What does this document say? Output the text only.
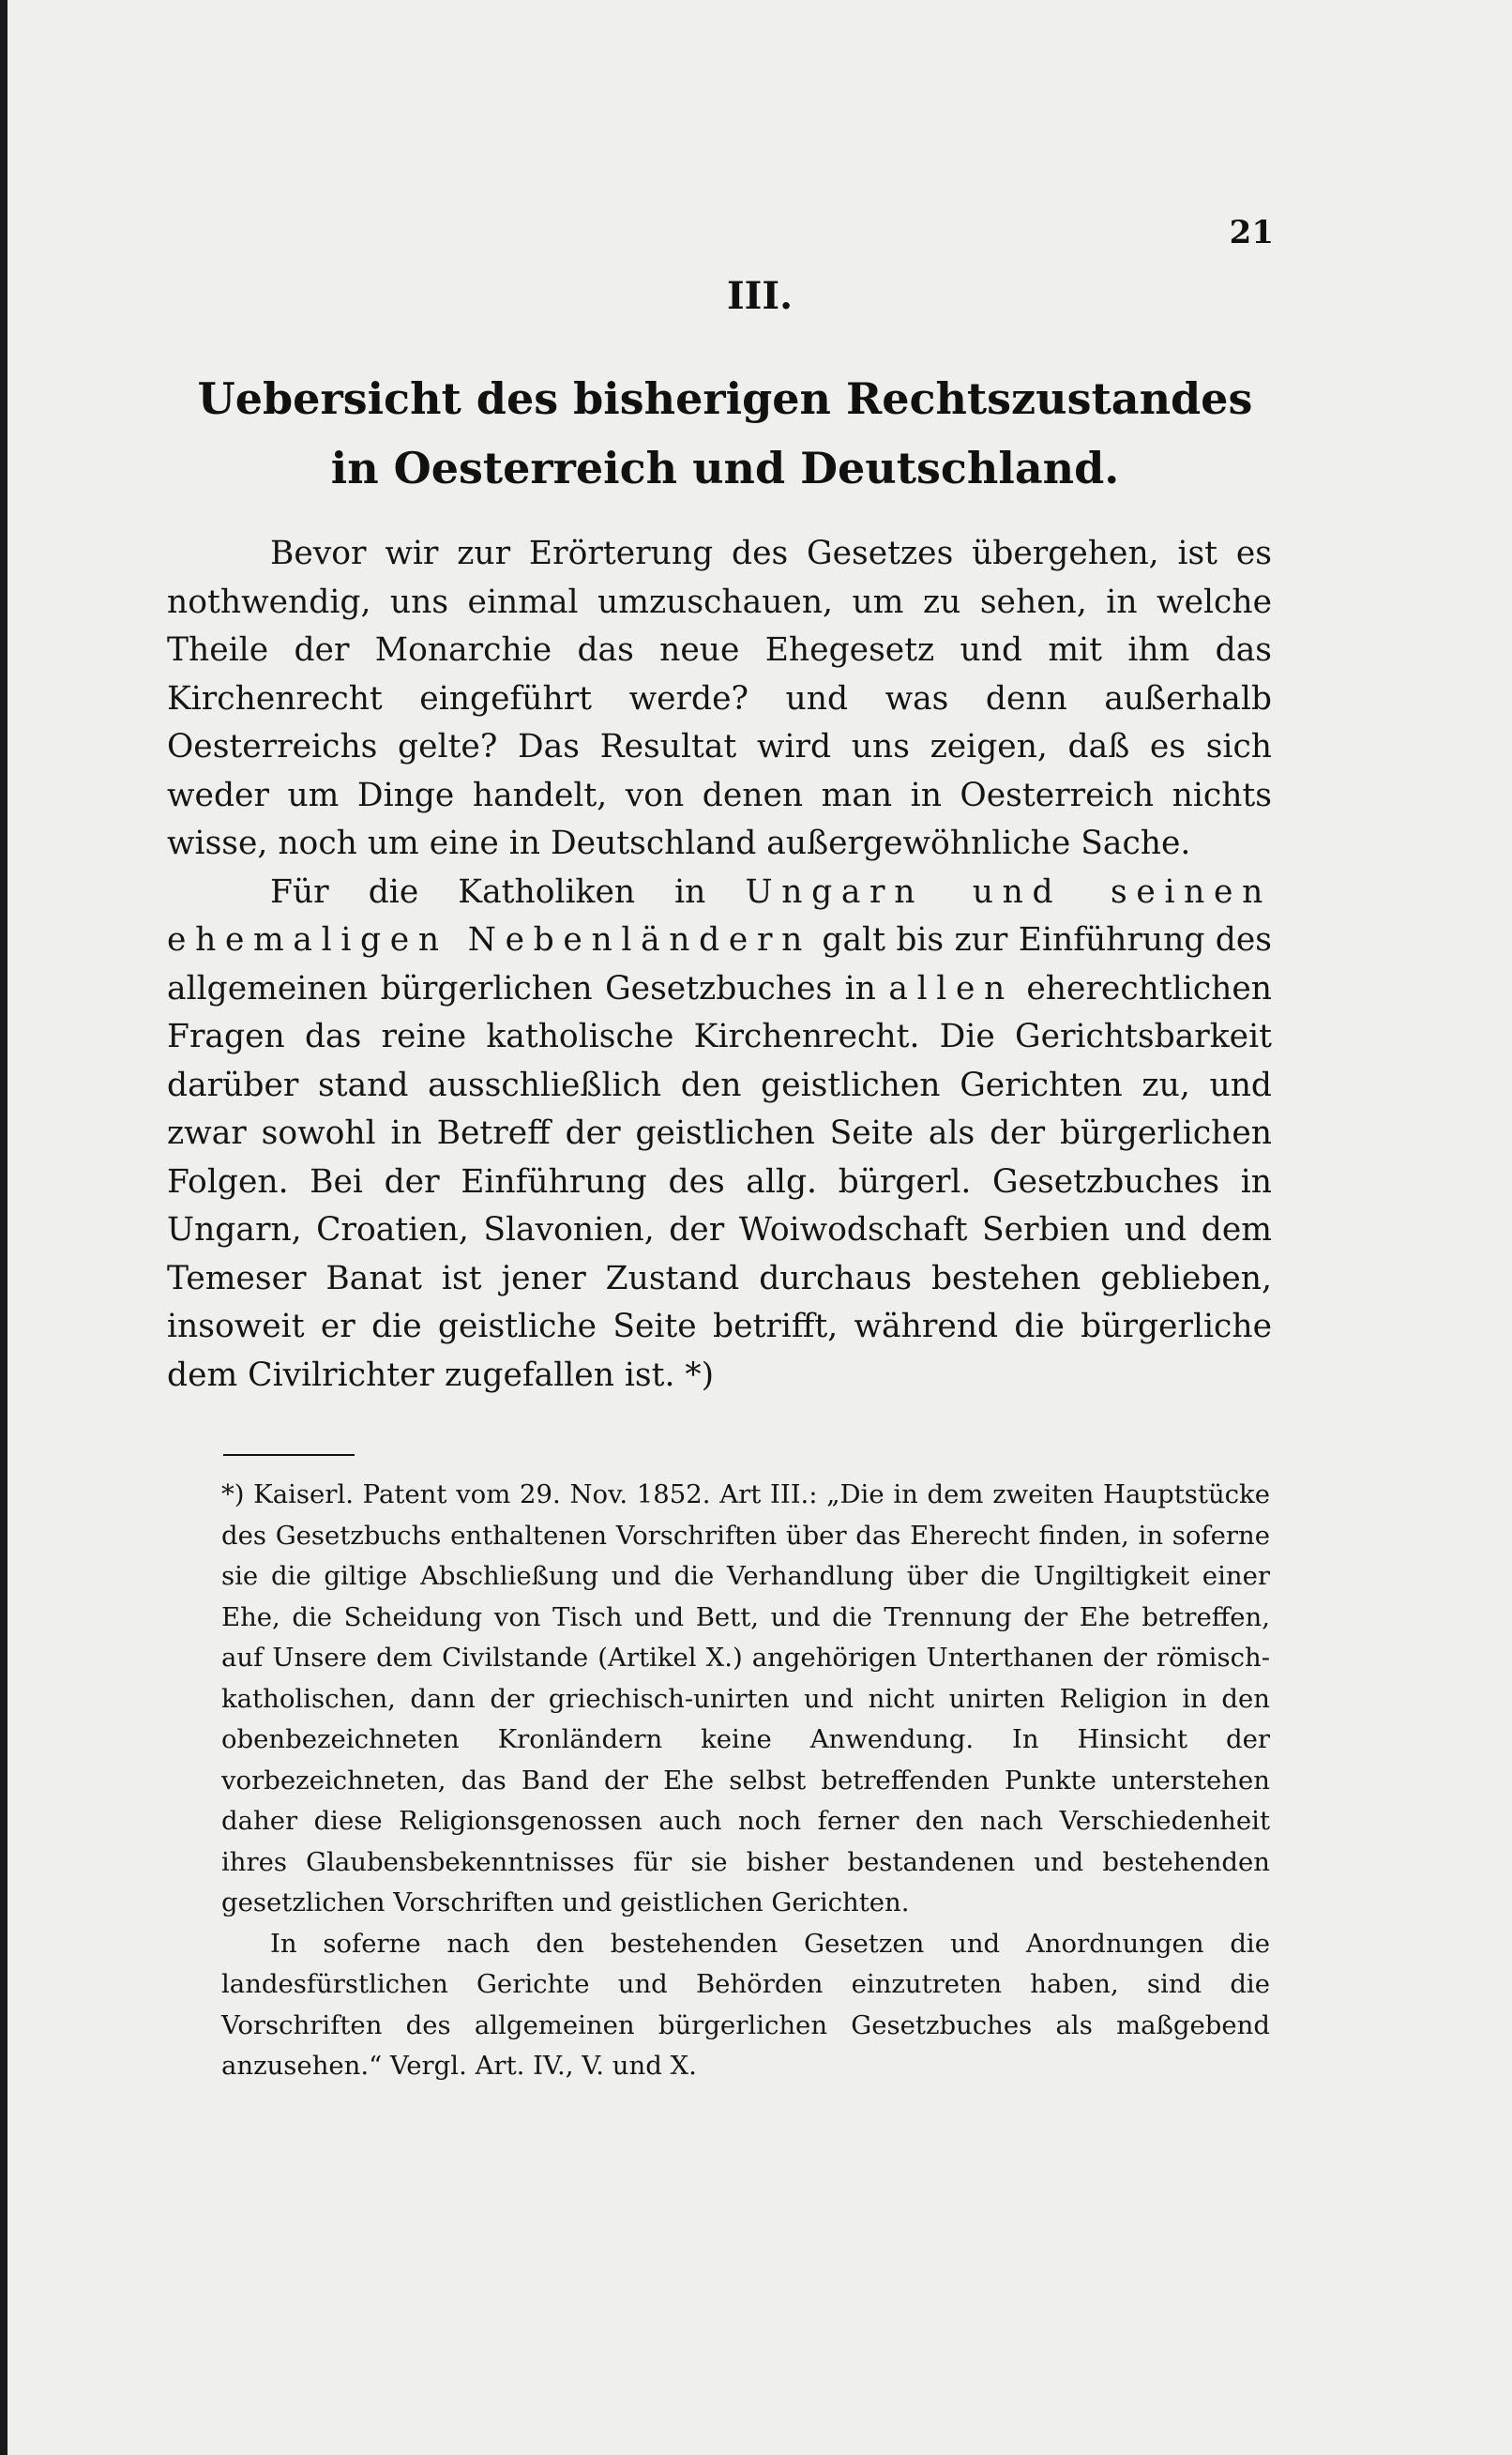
21
III.
Uebersicht des bisherigen Rechtszustandes in Oesterreich und Deutschland.

Bevor wir zur Erörterung des Gesetzes übergehen, ist es nothwendig, uns einmal umzuschauen, um zu sehen, in welche Theile der Monarchie das neue Ehegesetz und mit ihm das Kirchenrecht eingeführt werde? und was denn außerhalb Oesterreichs gelte? Das Resultat wird uns zeigen, daß es sich weder um Dinge handelt, von denen man in Oesterreich nichts wisse, noch um eine in Deutschland außergewöhnliche Sache.

Für die Katholiken in Ungarn und seinen ehemaligen Nebenländern galt bis zur Einführung des allgemeinen bürgerlichen Gesetzbuches in allen eherechtlichen Fragen das reine katholische Kirchenrecht. Die Gerichtsbarkeit darüber stand ausschließlich den geistlichen Gerichten zu, und zwar sowohl in Betreff der geistlichen Seite als der bürgerlichen Folgen. Bei der Einführung des allg. bürgerl. Gesetzbuches in Ungarn, Croatien, Slavonien, der Woiwodschaft Serbien und dem Temeser Banat ist jener Zustand durchaus bestehen geblieben, insoweit er die geistliche Seite betrifft, während die bürgerliche dem Civilrichter zugefallen ist. *)

*) Kaiserl. Patent vom 29. Nov. 1852. Art III.: „Die in dem zweiten Hauptstücke des Gesetzbuchs enthaltenen Vorschriften über das Eherecht finden, in soferne sie die giltige Abschließung und die Verhandlung über die Ungiltigkeit einer Ehe, die Scheidung von Tisch und Bett, und die Trennung der Ehe betreffen, auf Unsere dem Civilstande (Artikel X.) angehörigen Unterthanen der römisch-katholischen, dann der griechisch-unirten und nicht unirten Religion in den obenbezeichneten Kronländern keine Anwendung. In Hinsicht der vorbezeichneten, das Band der Ehe selbst betreffenden Punkte unterstehen daher diese Religionsgenossen auch noch ferner den nach Verschiedenheit ihres Glaubensbekenntnisses für sie bisher bestandenen und bestehenden gesetzlichen Vorschriften und geistlichen Gerichten.

In soferne nach den bestehenden Gesetzen und Anordnungen die landesfürstlichen Gerichte und Behörden einzutreten haben, sind die Vorschriften des allgemeinen bürgerlichen Gesetzbuches als maßgebend anzusehen.“ Vergl. Art. IV., V. und X.
